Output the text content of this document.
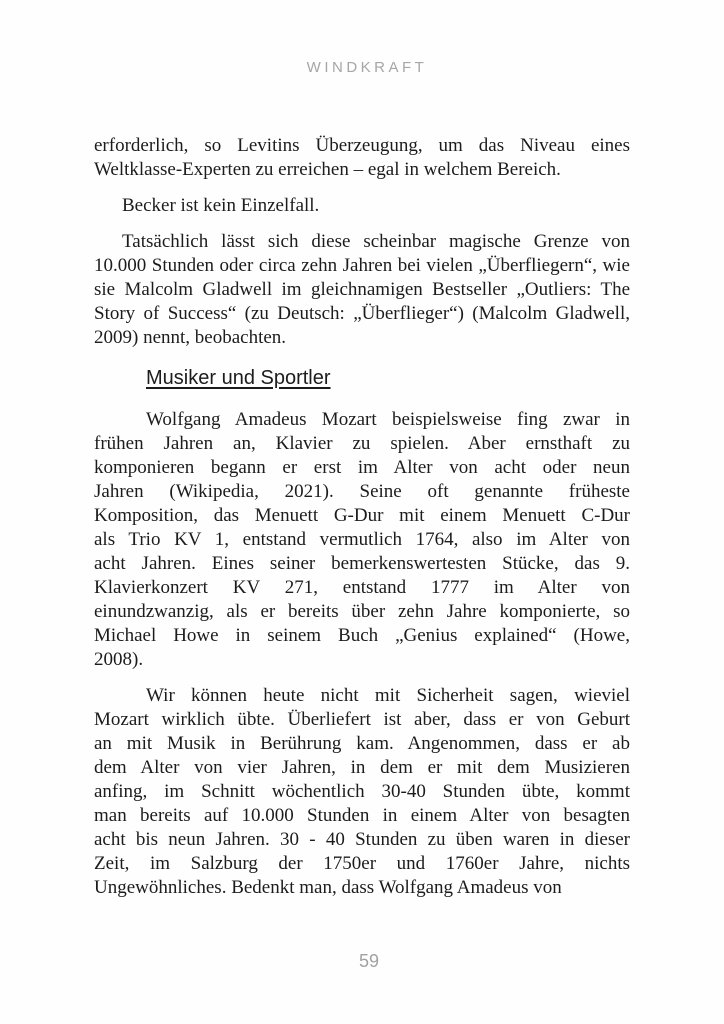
WINDKRAFT
erforderlich, so Levitins Überzeugung, um das Niveau eines
Weltklasse-Experten zu erreichen – egal in welchem Bereich.
Becker ist kein Einzelfall.
Tatsächlich lässt sich diese scheinbar magische Grenze von
10.000 Stunden oder circa zehn Jahren bei vielen „Überfliegern“, wie
sie Malcolm Gladwell im gleichnamigen Bestseller „Outliers: The
Story of Success“ (zu Deutsch: „Überflieger“) (Malcolm Gladwell,
2009) nennt, beobachten.
Musiker und Sportler
Wolfgang Amadeus Mozart beispielsweise fing zwar in
frühen Jahren an, Klavier zu spielen. Aber ernsthaft zu
komponieren begann er erst im Alter von acht oder neun
Jahren (Wikipedia, 2021). Seine oft genannte früheste
Komposition, das Menuett G-Dur mit einem Menuett C-Dur
als Trio KV 1, entstand vermutlich 1764, also im Alter von
acht Jahren. Eines seiner bemerkenswertesten Stücke, das 9.
Klavierkonzert KV 271, entstand 1777 im Alter von
einundzwanzig, als er bereits über zehn Jahre komponierte, so
Michael Howe in seinem Buch „Genius explained“ (Howe,
2008).
Wir können heute nicht mit Sicherheit sagen, wieviel
Mozart wirklich übte. Überliefert ist aber, dass er von Geburt
an mit Musik in Berührung kam. Angenommen, dass er ab
dem Alter von vier Jahren, in dem er mit dem Musizieren
anfing, im Schnitt wöchentlich 30-40 Stunden übte, kommt
man bereits auf 10.000 Stunden in einem Alter von besagten
acht bis neun Jahren. 30 - 40 Stunden zu üben waren in dieser
Zeit, im Salzburg der 1750er und 1760er Jahre, nichts
Ungewöhnliches. Bedenkt man, dass Wolfgang Amadeus von
59
